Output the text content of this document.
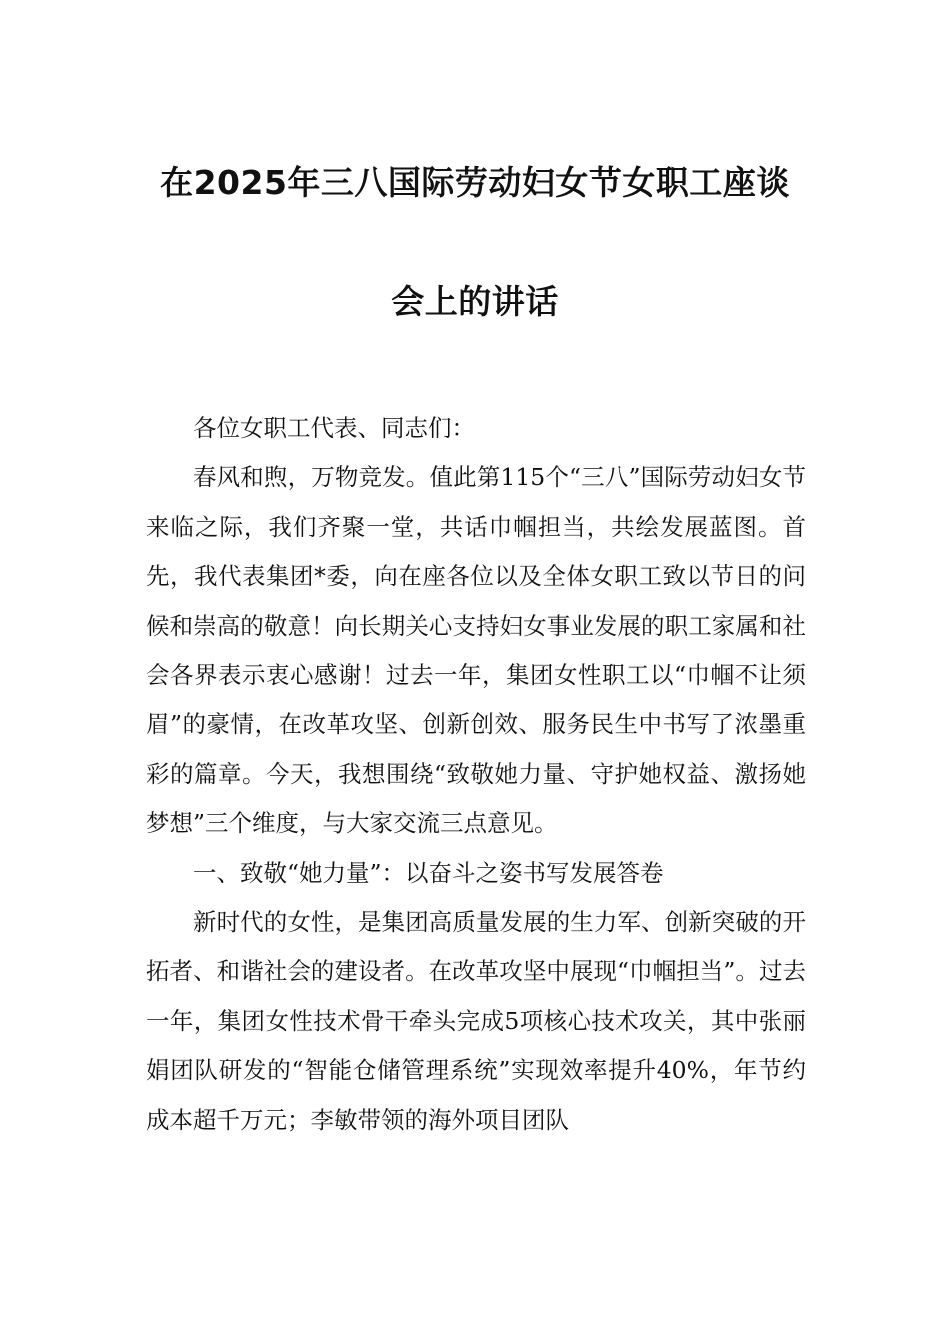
在2025年三八国际劳动妇女节女职工座谈
会上的讲话

各位女职工代表、同志们：

春风和煦，万物竞发。值此第115个“三八”国际劳动妇女节来临之际，我们齐聚一堂，共话巾帼担当，共绘发展蓝图。首先，我代表集团*委，向在座各位以及全体女职工致以节日的问候和崇高的敬意！向长期关心支持妇女事业发展的职工家属和社会各界表示衷心感谢！过去一年，集团女性职工以“巾帼不让须眉”的豪情，在改革攻坚、创新创效、服务民生中书写了浓墨重彩的篇章。今天，我想围绕“致敬她力量、守护她权益、激扬她梦想”三个维度，与大家交流三点意见。

一、致敬“她力量”：以奋斗之姿书写发展答卷

新时代的女性，是集团高质量发展的生力军、创新突破的开拓者、和谐社会的建设者。在改革攻坚中展现“巾帼担当”。过去一年，集团女性技术骨干牵头完成5项核心技术攻关，其中张丽娟团队研发的“智能仓储管理系统”实现效率提升40%，年节约成本超千万元；李敏带领的海外项目团队
